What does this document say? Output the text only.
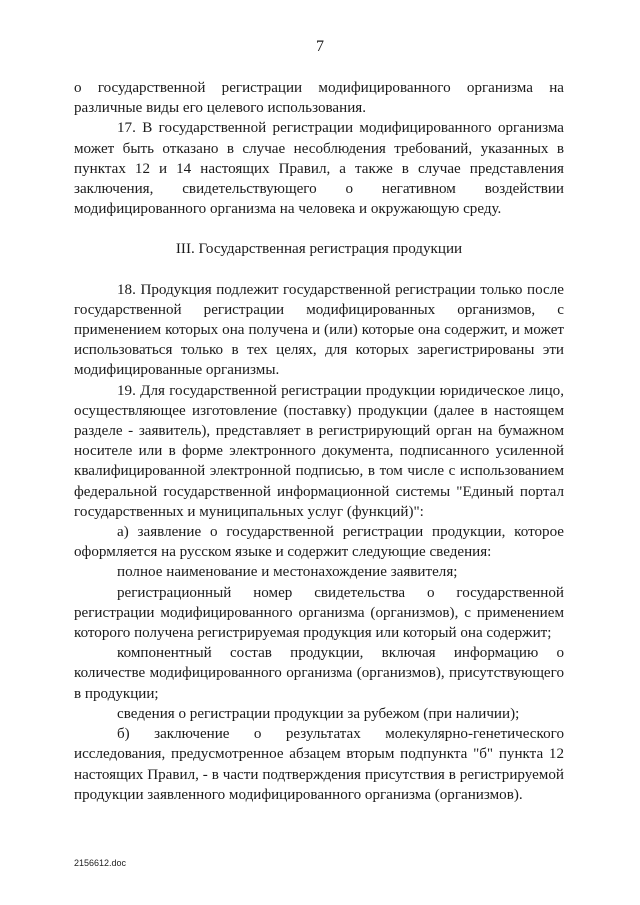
7

о государственной регистрации модифицированного организма на различные виды его целевого использования.

17. В государственной регистрации модифицированного организма может быть отказано в случае несоблюдения требований, указанных в пунктах 12 и 14 настоящих Правил, а также в случае представления заключения, свидетельствующего о негативном воздействии модифицированного организма на человека и окружающую среду.

III. Государственная регистрация продукции

18. Продукция подлежит государственной регистрации только после государственной регистрации модифицированных организмов, с применением которых она получена и (или) которые она содержит, и может использоваться только в тех целях, для которых зарегистрированы эти модифицированные организмы.

19. Для государственной регистрации продукции юридическое лицо, осуществляющее изготовление (поставку) продукции (далее в настоящем разделе - заявитель), представляет в регистрирующий орган на бумажном носителе или в форме электронного документа, подписанного усиленной квалифицированной электронной подписью, в том числе с использованием федеральной государственной информационной системы "Единый портал государственных и муниципальных услуг (функций)":

а) заявление о государственной регистрации продукции, которое оформляется на русском языке и содержит следующие сведения:

полное наименование и местонахождение заявителя;

регистрационный номер свидетельства о государственной регистрации модифицированного организма (организмов), с применением которого получена регистрируемая продукция или который она содержит;

компонентный состав продукции, включая информацию о количестве модифицированного организма (организмов), присутствующего в продукции;

сведения о регистрации продукции за рубежом (при наличии);

б) заключение о результатах молекулярно-генетического исследования, предусмотренное абзацем вторым подпункта "б" пункта 12 настоящих Правил, - в части подтверждения присутствия в регистрируемой продукции заявленного модифицированного организма (организмов).

2156612.doc
